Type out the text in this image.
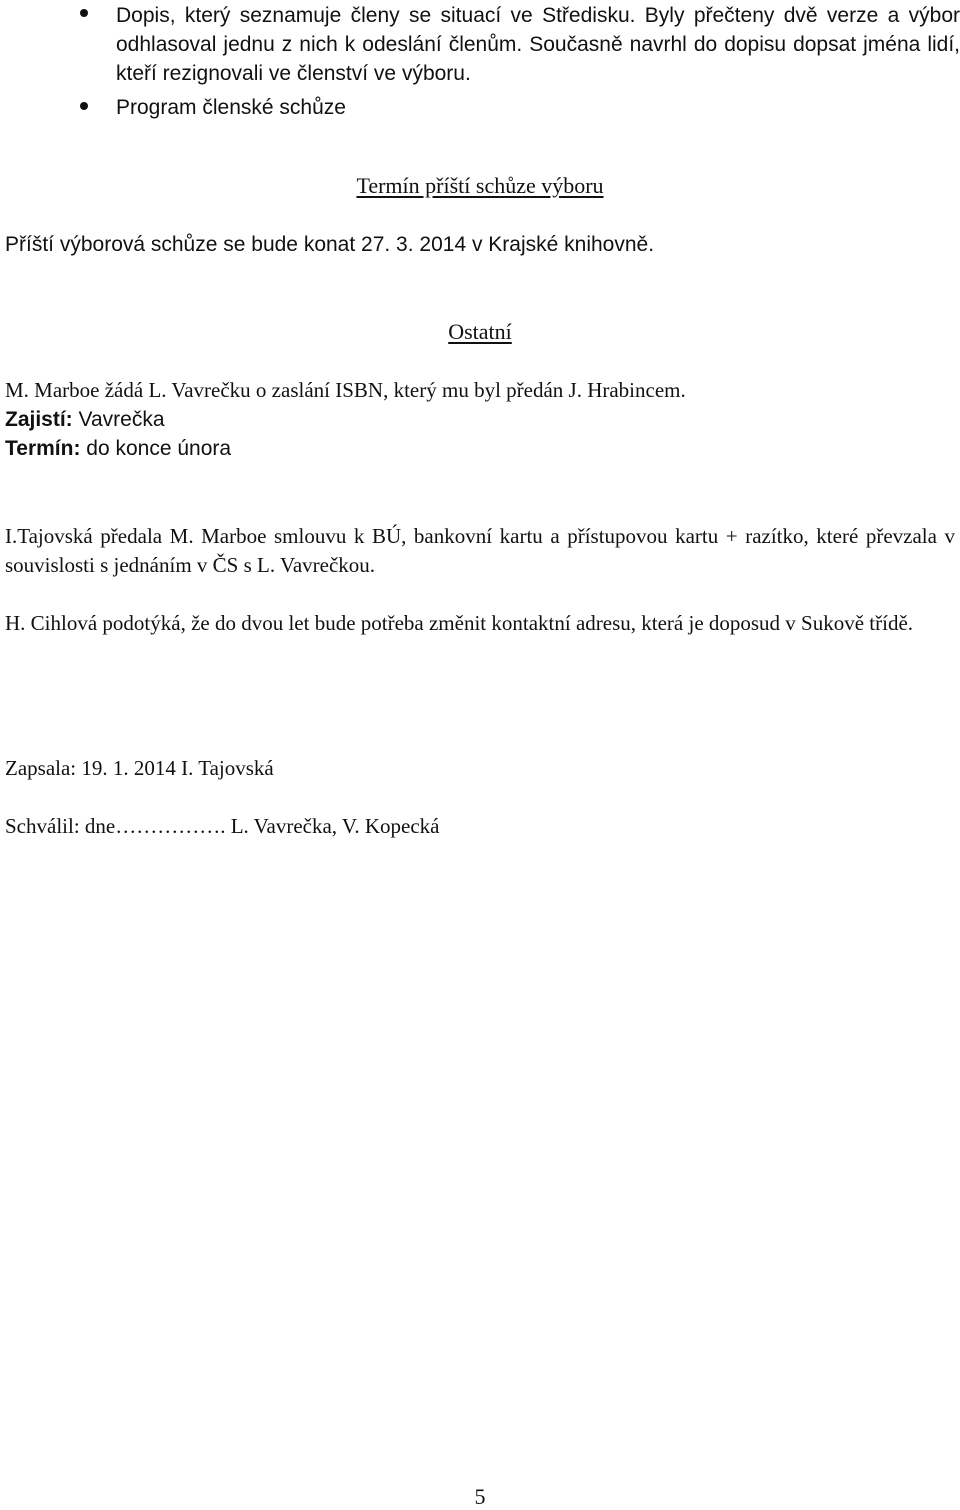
Dopis, který seznamuje členy se situací ve Středisku. Byly přečteny dvě verze a výbor odhlasoval jednu z nich k odeslání členům. Současně navrhl do dopisu dopsat jména lidí, kteří rezignovali ve členství ve výboru.
Program členské schůze
Termín příští schůze výboru
Příští výborová schůze se bude konat 27. 3. 2014 v Krajské knihovně.
Ostatní
M. Marboe žádá L. Vavrečku o zaslání ISBN, který mu byl předán J. Hrabincem.
Zajistí: Vavrečka
Termín: do konce února
I.Tajovská předala M. Marboe smlouvu k BÚ, bankovní kartu a přístupovou kartu + razítko, které převzala v souvislosti s jednáním v ČS s L. Vavrečkou.
H. Cihlová podotýká, že do dvou let bude potřeba změnit kontaktní adresu, která je doposud v Sukově třídě.
Zapsala: 19. 1. 2014 I. Tajovská
Schválil: dne……………. L. Vavrečka, V. Kopecká
5
